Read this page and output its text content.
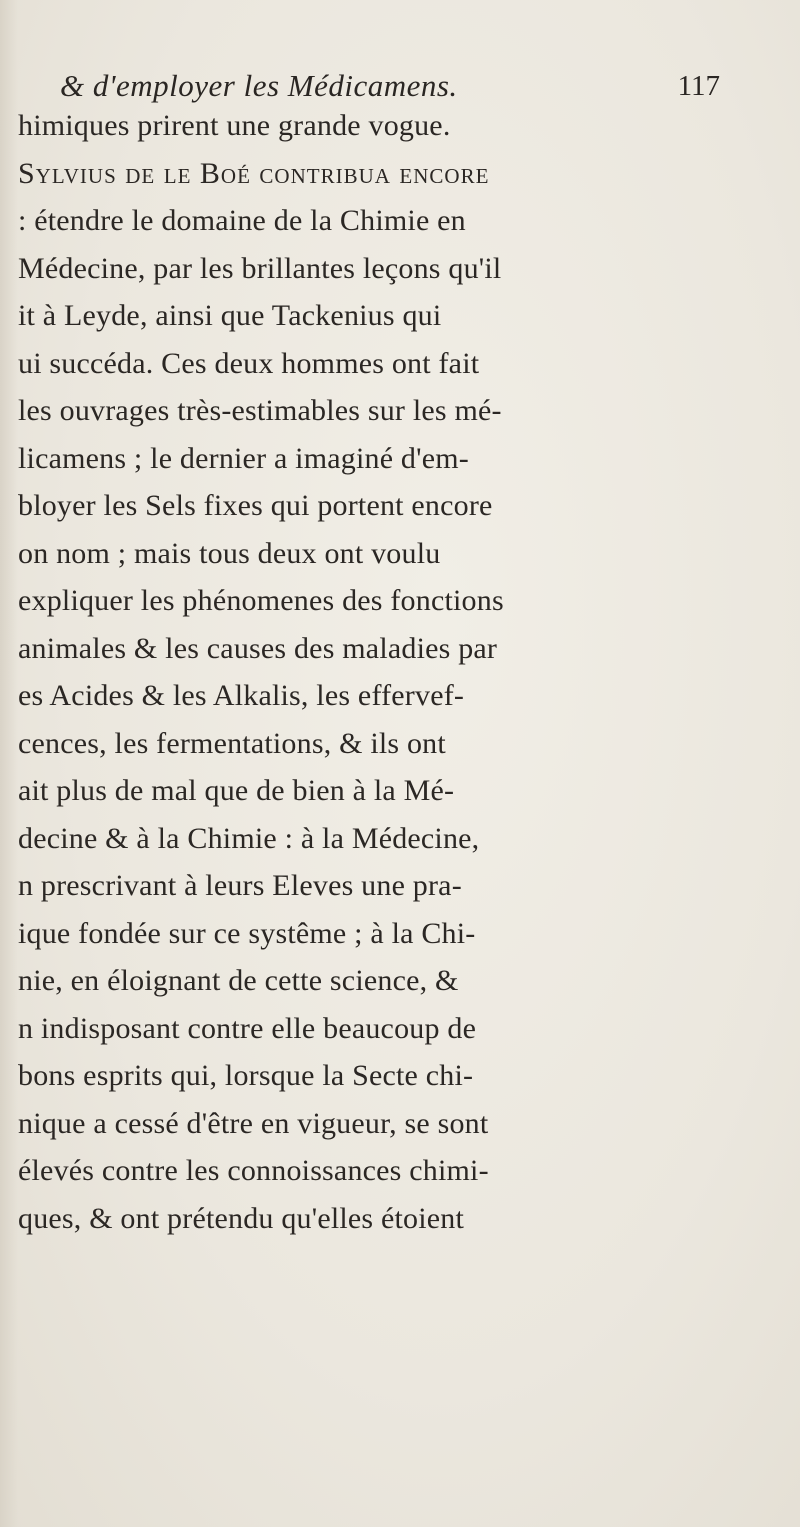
& d'employer les Médicamens.	117
himiques prirent une grande vogue.
Sylvius de le Boé contribua encore
: étendre le domaine de la Chimie en
Médecine, par les brillantes leçons qu'il
it à Leyde, ainsi que Tackenius qui
ui succéda. Ces deux hommes ont fait
les ouvrages très-estimables sur les mé-
licamens ; le dernier a imaginé d'em-
bloyer les Sels fixes qui portent encore
on nom ; mais tous deux ont voulu
expliquer les phénomenes des fonctions
animales & les causes des maladies par
es Acides & les Alkalis, les effervef-
cences, les fermentations, & ils ont
ait plus de mal que de bien à la Mé-
decine & à la Chimie : à la Médecine,
n prescrivant à leurs Eleves une pra-
ique fondée sur ce systême ; à la Chi-
nie, en éloignant de cette science, &
n indisposant contre elle beaucoup de
bons esprits qui, lorsque la Secte chi-
nique a cessé d'être en vigueur, se sont
élevés contre les connoissances chimi-
ques, & ont prétendu qu'elles étoient
